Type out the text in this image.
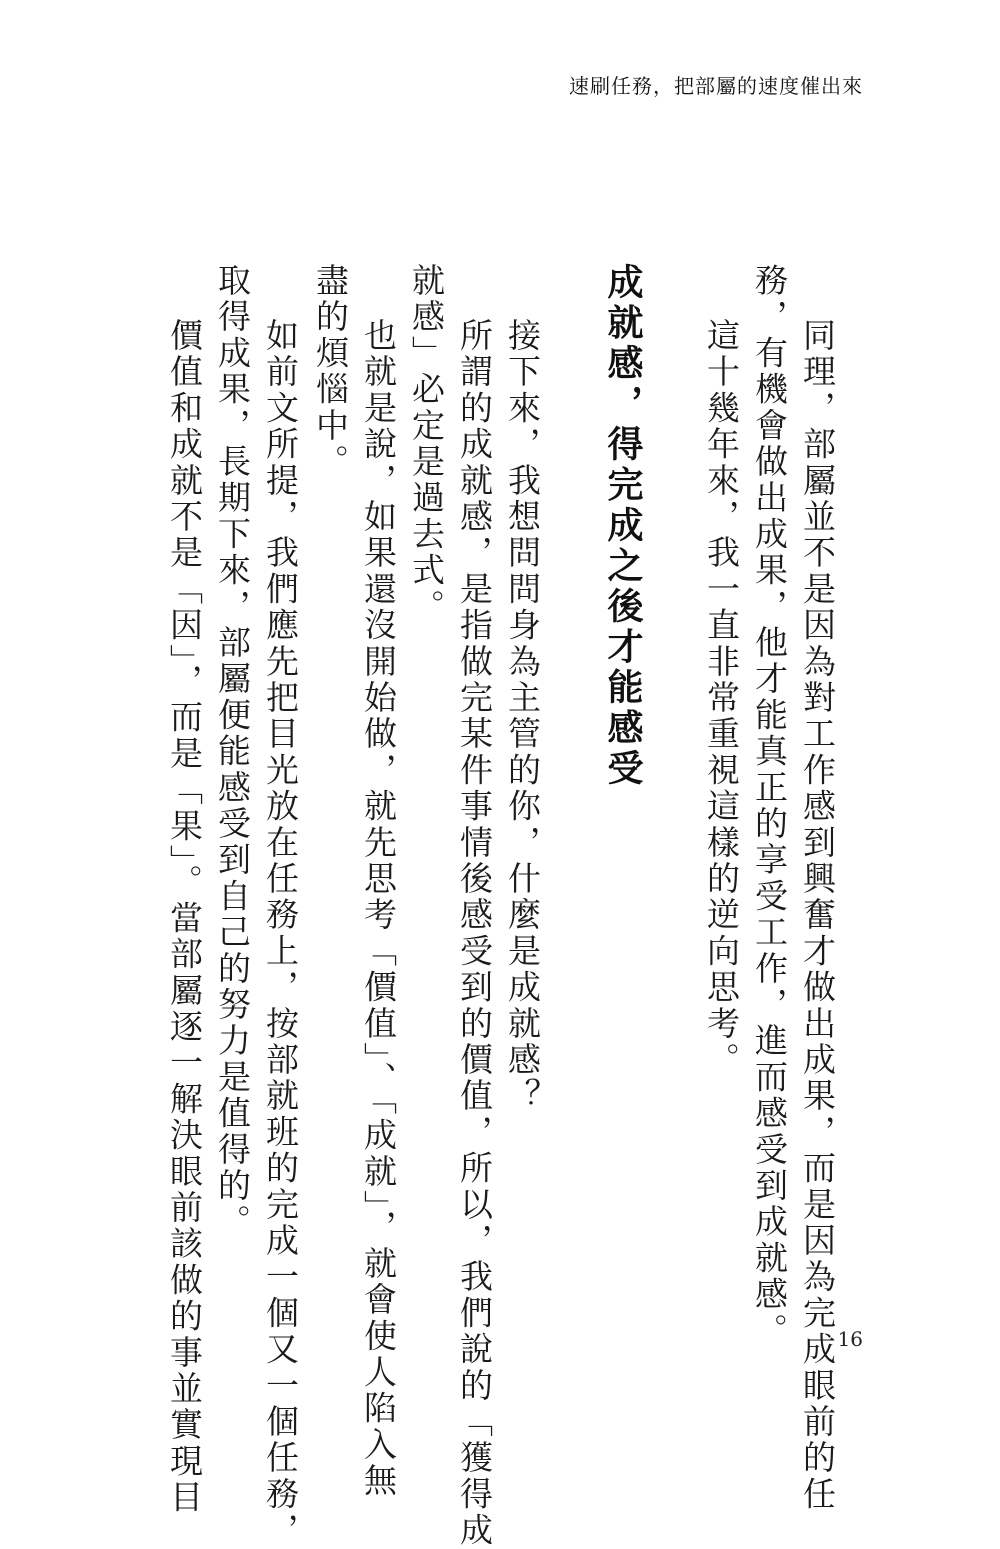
速刷任務，把部屬的速度催出來
同理，部屬並不是因為對工作感到興奮才做出成果，而是因為完成眼前的任
務，有機會做出成果，他才能真正的享受工作，進而感受到成就感。
這十幾年來，我一直非常重視這樣的逆向思考。
成就感，得完成之後才能感受
接下來，我想問問身為主管的你，什麼是成就感？
所謂的成就感，是指做完某件事情後感受到的價值，所以，我們說的「獲得成
就感」必定是過去式。
也就是說，如果還沒開始做，就先思考「價值」、「成就」，就會使人陷入無
盡的煩惱中。
如前文所提，我們應先把目光放在任務上，按部就班的完成一個又一個任務，
取得成果，長期下來，部屬便能感受到自己的努力是值得的。
價值和成就不是「因」，而是「果」。當部屬逐一解決眼前該做的事並實現目	16
